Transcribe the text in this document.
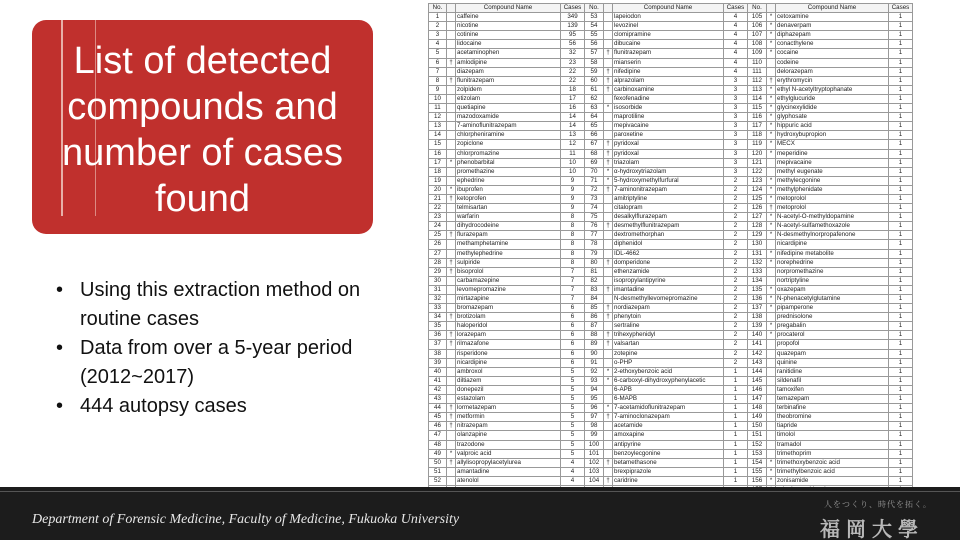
List of detected compounds and number of cases found
• Using this extraction method on routine cases
• Data from over a 5-year period (2012~2017)
• 444 autopsy cases
No.		Compound Name	Cases	No.		Compound Name	Cases	No.		Compound Name	Cases
1		caffeine	349	53		lapeiodon	4	105	*	cetoxamine	1
2		nicotine	139	54		levozinel	4	106	*	denaverpam	1
3		cotinine	95	55		clomipramine	4	107	*	diphazepam	1
4		lidocaine	56	56		dibucaine	4	108	*	conacthylene	1
5		acetaminophen	32	57	†	flunitrazepam	4	109	*	cocaine	1
6	†	amlodipine	23	58		mianserin	4	110		codeine	1
7		diazepam	22	59	†	nifedipine	4	111		delorazepam	1
8	†	flunitrazepam	22	60	†	alprazolam	3	112	†	erythromycin	1
9		zolpidem	18	61	†	carbinoxamine	3	113	*	ethyl N-acetyltryptophanate	1
10		etizolam	17	62		fexofenadine	3	114	*	ethylglucuride	1
11		quetiapine	16	63	*	isosorbide	3	115	*	glycinexylidide	1
12		mazodoxamide	14	64		maprotiline	3	116	*	glyphosate	1
13		7-aminoflunitrazepam	14	65		mepivacaine	3	117	*	hippuric acid	1
14		chlorpheniramine	13	66		paroxetine	3	118	*	hydroxybupropion	1
15		zopiclone	12	67	†	pyridoxal	3	119	*	MECX	1
16		chlorpromazine	11	68	†	pyridoxal	3	120	*	meperidine	1
17	*	phenobarbital	10	69	†	triazolam	3	121		mepivacaine	1
18		promethazine	10	70	*	α-hydroxytriazolam	3	122		methyl eugenate	1
19		ephedrine	9	71	*	5-hydroxymethylfurfural	2	123	*	methylecgonine	1
20	*	ibuprofen	9	72	†	7-aminonitrazepam	2	124	*	methylphenidate	1
21	†	ketoprofen	9	73		amitriptyline	2	125	*	metoprolol	1
22		telmisartan	9	74		citalopram	2	126	†	metoprolol	1
23		warfarin	8	75		desalkylflurazepam	2	127	*	N-acetyl-O-methyldopamine	1
24		dihydrocodeine	8	76	†	desmethylflunitrazepam	2	128	*	N-acetyl-sulfamethoxazole	1
25	†	flurazepam	8	77		dextromethorphan	2	129	*	N-desmethylnorpropafenone	1
26		methamphetamine	8	78		diphenidol	2	130		nicardipine	1
27		methylephedrine	8	79		IDL-4662	2	131	*	nifedipine metabolite	1
28	†	sulpiride	8	80	†	domperidone	2	132	*	norephedrine	1
29	†	bisoprolol	7	81		ethenzamide	2	133		norpromethazine	1
30		carbamazepine	7	82		isopropylantipyrine	2	134		nortriptyline	1
31		levomepromazine	7	83	†	imantadine	2	135	*	oxazepam	1
32		mirtazapine	7	84		N-desmethyllevomepromazine	2	136	*	N-phenacetylglutamine	1
33		bromazepam	6	85	†	nordiazepam	2	137	*	pipamperone	1
34	†	brotizolam	6	86	†	phenytoin	2	138		prednisolone	1
35		haloperidol	6	87		sertraline	2	139	*	pregabalin	1
36	†	lorazepam	6	88	†	trihexyphenidyl	2	140	*	procaterol	1
37	†	rilmazafone	6	89	†	valsartan	2	141		propofol	1
38		risperidone	6	90		zotepine	2	142		quazepam	1
39		nicardipine	6	91		o-PHP	2	143		quinine	1
40		ambroxol	5	92	*	2-ethoxybenzoic acid	1	144		ranitidine	1
41		diltiazem	5	93	*	6-carboxyl-dihydroxyphenylacetic	1	145		sildenafil	1
42		donepezil	5	94		6-APB	1	146		tamoxifen	1
43		estazolam	5	95		6-MAPB	1	147		temazepam	1
44	†	lormetazepam	5	96	*	7-acetamidoflunitrazepam	1	148		terbinafine	1
45	†	metformin	5	97	†	7-aminoclonazepam	1	149		theobromine	1
46	†	nitrazepam	5	98		acetamide	1	150		tiapride	1
47		olanzapine	5	99		amoxapine	1	151		timolol	1
48		trazodone	5	100		antipyrine	1	152		tramadol	1
49	*	valproic acid	5	101		benzoylecgonine	1	153		trimethoprim	1
50	†	allylisopropylacetylurea	4	102	†	betamethasone	1	154	*	trimethoxybenzoic acid	1
51		amantadine	4	103		brexpiprazole	1	155	*	trimethylbenzoic acid	1
52		atenolol	4	104	†	caridrine	1	156	*	zonisamide	1

Department of Forensic Medicine, Faculty of Medicine, Fukuoka University
人をつくり、時代を拓く。
福岡大學
